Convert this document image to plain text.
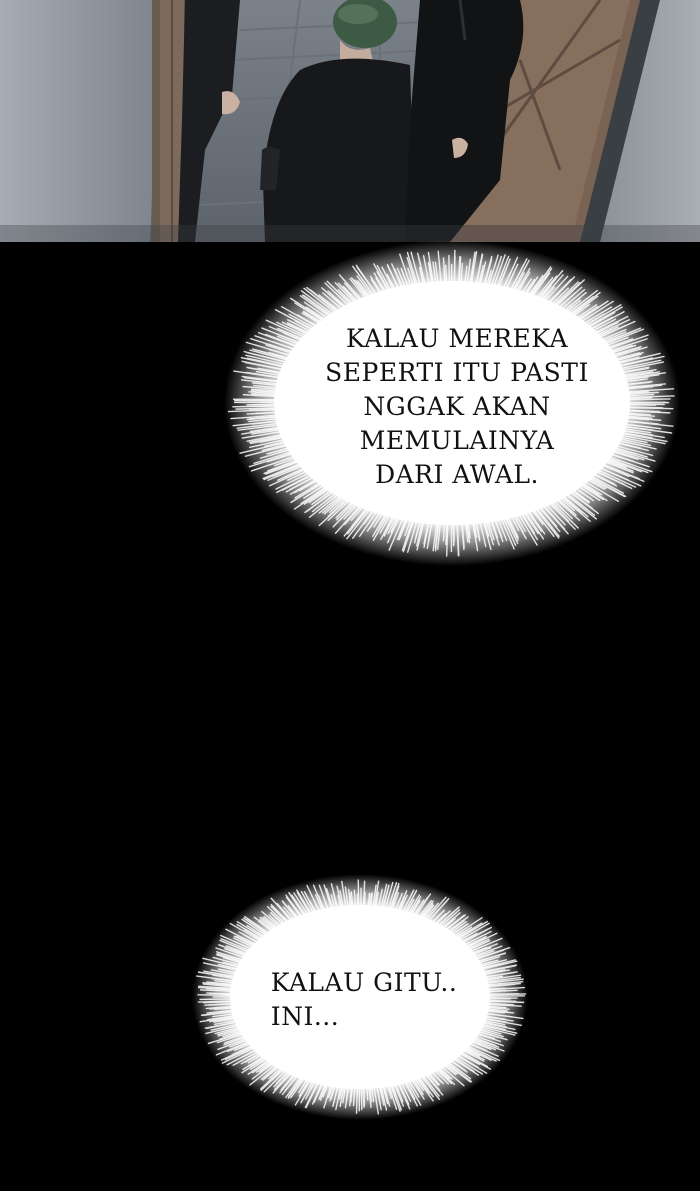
KALAU MEREKA
SEPERTI ITU PASTI
NGGAK AKAN
MEMULAINYA
DARI AWAL.
KALAU GITU..
INI...
